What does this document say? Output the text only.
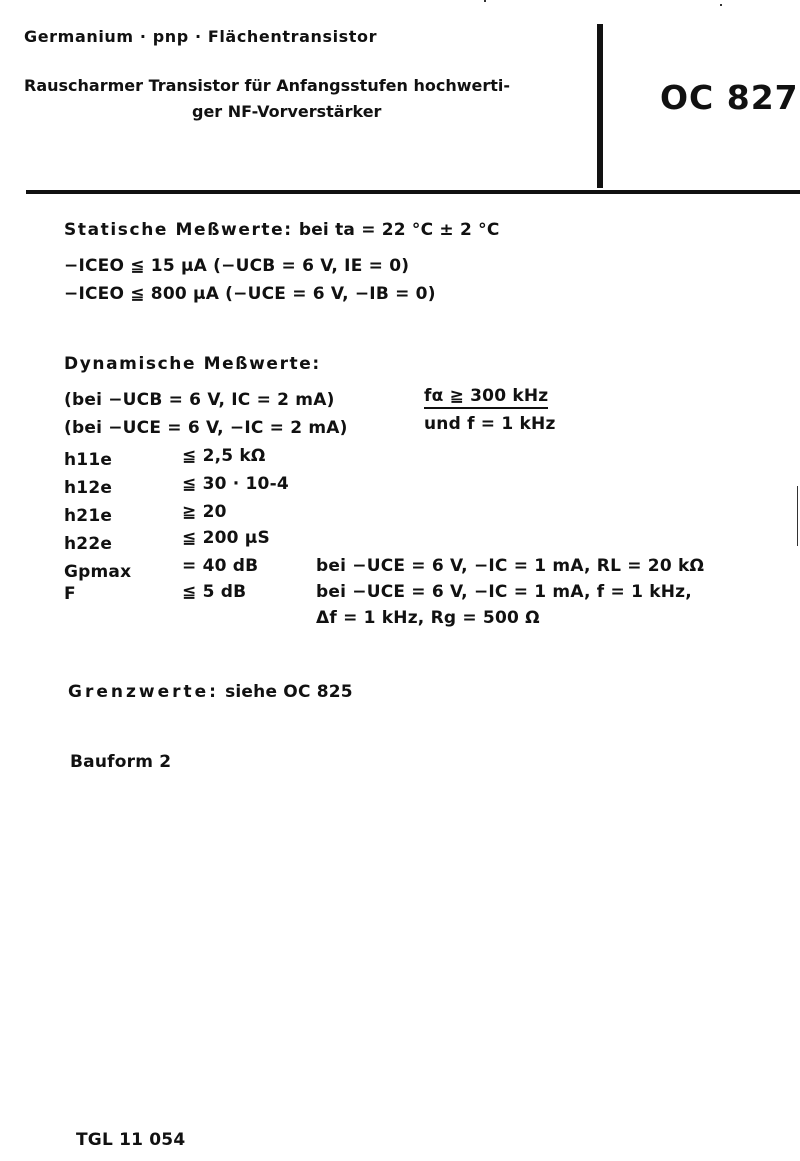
Germanium · pnp · Flächentransistor
Rauscharmer Transistor für Anfangsstufen hochwerti-
ger NF-Vorverstärker	OC 827
Statische Meßwerte: bei ta = 22 °C ± 2 °C
−ICEO ≦ 15 µA (−UCB = 6 V, IE = 0)
−ICEO ≦ 800 µA (−UCE = 6 V, −IB = 0)
Dynamische Meßwerte:
(bei −UCB = 6 V, IC = 2 mA)	fα ≧ 300 kHz
(bei −UCE = 6 V, −IC = 2 mA)	und f = 1 kHz
h11e	≦ 2,5 kΩ
h12e	≦ 30 · 10-4
h21e	≧ 20
h22e	≦ 200 µS
Gpmax	= 40 dB	bei −UCE = 6 V, −IC = 1 mA, RL = 20 kΩ
F	≦ 5 dB	bei −UCE = 6 V, −IC = 1 mA, f = 1 kHz,
Δf = 1 kHz, Rg = 500 Ω
Grenzwerte: siehe OC 825
Bauform 2
TGL 11 054
